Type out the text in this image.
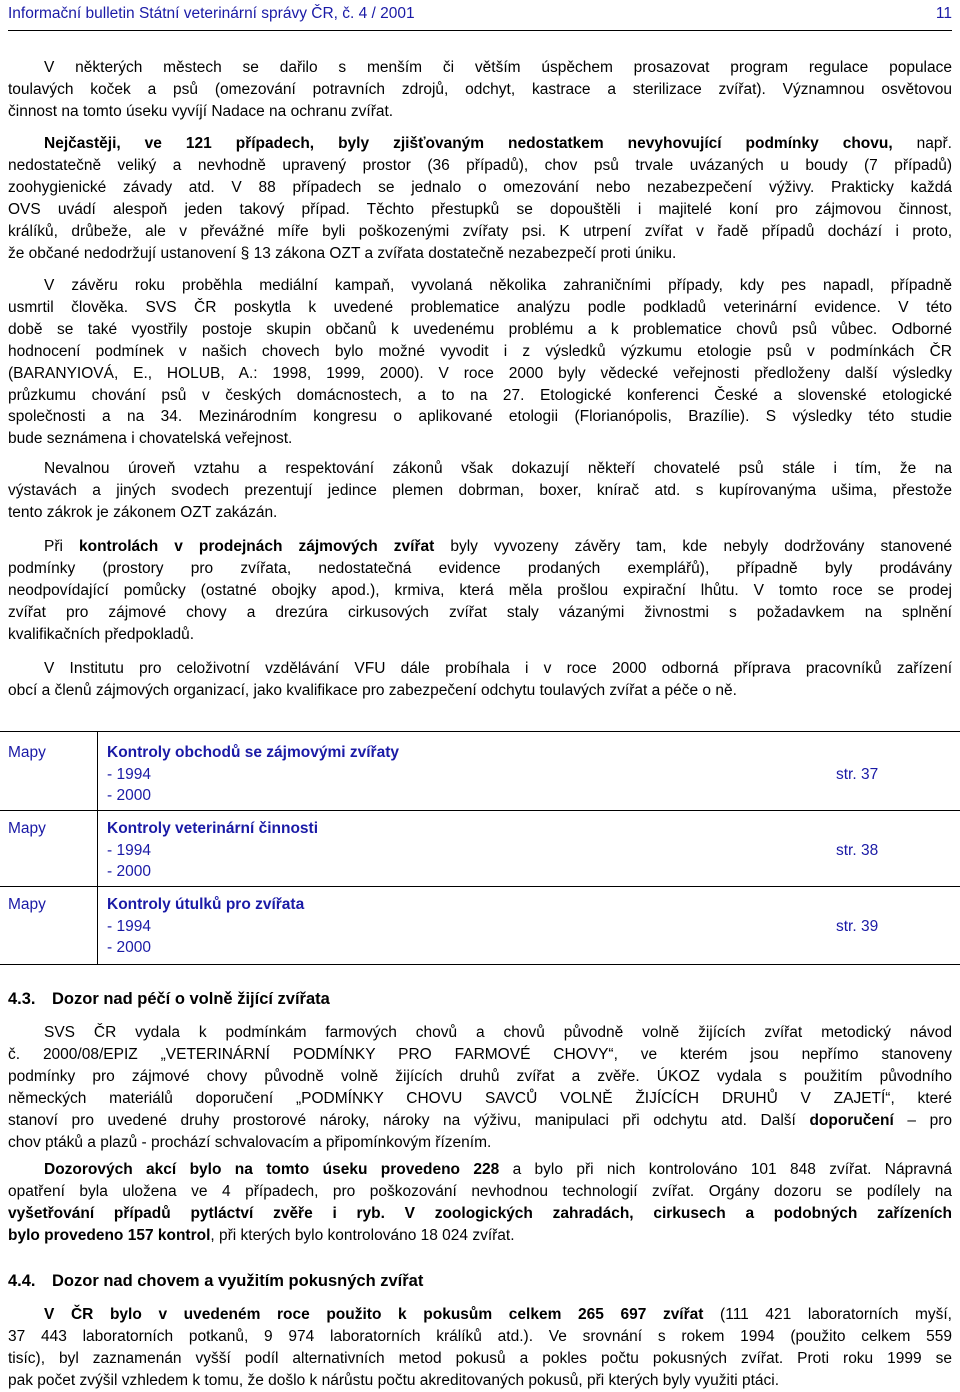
Informační bulletin Státní veterinární správy ČR, č. 4 / 2001	11
V některých městech se dařilo s menším či větším úspěchem prosazovat program regulace populace
toulavých koček a psů (omezování potravních zdrojů, odchyt, kastrace a sterilizace zvířat). Významnou osvětovou
činnost na tomto úseku vyvíjí Nadace na ochranu zvířat.
Nejčastěji, ve 121 případech, byly zjišťovaným nedostatkem nevyhovující podmínky chovu, např.
nedostatečně veliký a nevhodně upravený prostor (36 případů), chov psů trvale uvázaných u boudy (7 případů)
zoohygienické závady atd. V 88 případech se jednalo o omezování nebo nezabezpečení výživy. Prakticky každá
OVS uvádí alespoň jeden takový případ. Těchto přestupků se dopouštěli i majitelé koní pro zájmovou činnost,
králíků, drůbeže, ale v převážné míře byli poškozenými zvířaty psi. K utrpení zvířat v řadě případů dochází i proto,
že občané nedodržují ustanovení § 13 zákona OZT a zvířata dostatečně nezabezpečí proti úniku.
V závěru roku proběhla mediální kampaň, vyvolaná několika zahraničními případy, kdy pes napadl, případně
usmrtil člověka. SVS ČR poskytla k uvedené problematice analýzu podle podkladů veterinární evidence. V této
době se také vyostřily postoje skupin občanů k uvedenému problému a k problematice chovů psů vůbec. Odborné
hodnocení podmínek v našich chovech bylo možné vyvodit i z výsledků výzkumu etologie psů v podmínkách ČR
(BARANYIOVÁ, E., HOLUB, A.: 1998, 1999, 2000). V roce 2000 byly vědecké veřejnosti předloženy další výsledky
průzkumu chování psů v českých domácnostech, a to na 27. Etologické konferenci České a slovenské etologické
společnosti a na 34. Mezinárodním kongresu o aplikované etologii (Florianópolis, Brazílie). S výsledky této studie
bude seznámena i chovatelská veřejnost.
Nevalnou úroveň vztahu a respektování zákonů však dokazují někteří chovatelé psů stále i tím, že na
výstavách a jiných svodech prezentují jedince plemen dobrman, boxer, knírač atd. s kupírovanýma ušima, přestože
tento zákrok je zákonem OZT zakázán.
Při kontrolách v prodejnách zájmových zvířat byly vyvozeny závěry tam, kde nebyly dodržovány stanovené
podmínky (prostory pro zvířata, nedostatečná evidence prodaných exemplářů), případně byly prodávány
neodpovídající pomůcky (ostatné obojky apod.), krmiva, která měla prošlou expirační lhůtu. V tomto roce se prodej
zvířat pro zájmové chovy a drezúra cirkusových zvířat staly vázanými živnostmi s požadavkem na splnění
kvalifikačních předpokladů.
V Institutu pro celoživotní vzdělávání VFU dále probíhala i v roce 2000 odborná příprava pracovníků zařízení
obcí a členů zájmových organizací, jako kvalifikace pro zabezpečení odchytu toulavých zvířat a péče o ně.
Mapy	Kontroly obchodů se zájmovými zvířaty
- 1994
- 2000
str. 37
Mapy	Kontroly veterinární činnosti
- 1994
- 2000
str. 38
Mapy	Kontroly útulků pro zvířata
- 1994
- 2000
str. 39
4.3. Dozor nad péčí o volně žijící zvířata
SVS ČR vydala k podmínkám farmových chovů a chovů původně volně žijících zvířat metodický návod
č. 2000/08/EPIZ „VETERINÁRNÍ PODMÍNKY PRO FARMOVÉ CHOVY“, ve kterém jsou nepřímo stanoveny
podmínky pro zájmové chovy původně volně žijících druhů zvířat a zvěře. ÚKOZ vydala s použitím původního
německých materiálů doporučení „PODMÍNKY CHOVU SAVCŮ VOLNĚ ŽIJÍCÍCH DRUHŮ V ZAJETÍ“, které
stanoví pro uvedené druhy prostorové nároky, nároky na výživu, manipulaci při odchytu atd. Další doporučení – pro
chov ptáků a plazů - prochází schvalovacím a připomínkovým řízením.
Dozorových akcí bylo na tomto úseku provedeno 228 a bylo při nich kontrolováno 101 848 zvířat. Nápravná
opatření byla uložena ve 4 případech, pro poškozování nevhodnou technologií zvířat. Orgány dozoru se podílely na
vyšetřování případů pytláctví zvěře i ryb. V zoologických zahradách, cirkusech a podobných zařízeních
bylo provedeno 157 kontrol, při kterých bylo kontrolováno 18 024 zvířat.
4.4. Dozor nad chovem a využitím pokusných zvířat
V ČR bylo v uvedeném roce použito k pokusům celkem 265 697 zvířat (111 421 laboratorních myší,
37 443 laboratorních potkanů, 9 974 laboratorních králíků atd.). Ve srovnání s rokem 1994 (použito celkem 559
tisíc), byl zaznamenán vyšší podíl alternativních metod pokusů a pokles počtu pokusných zvířat. Proti roku 1999 se
pak počet zvýšil vzhledem k tomu, že došlo k nárůstu počtu akreditovaných pokusů, při kterých byly využiti ptáci.
